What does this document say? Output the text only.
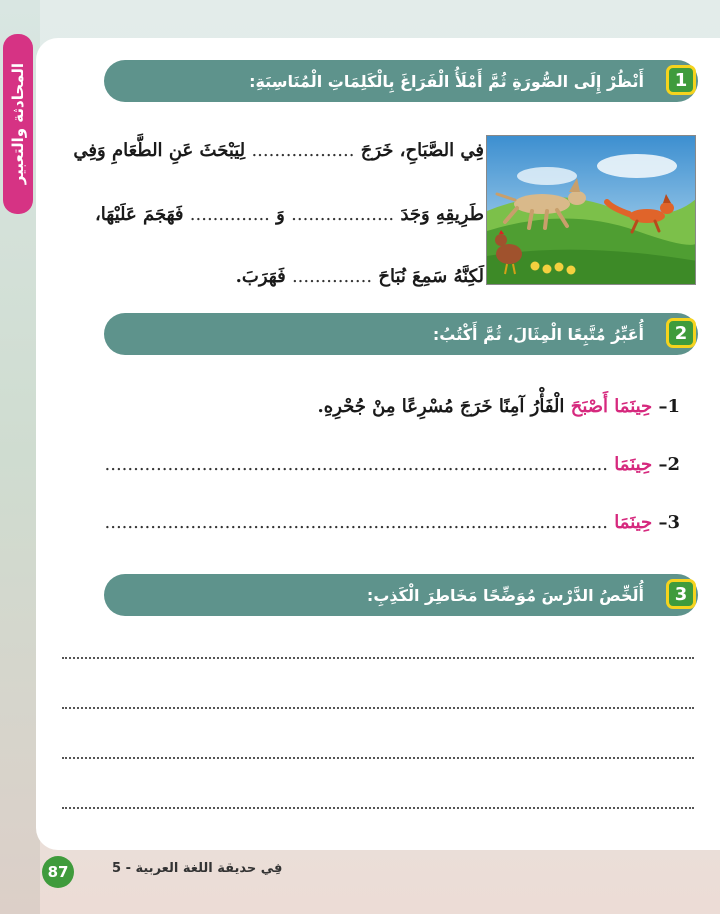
المحادثة والتعبير	1
أَنْظُرْ إِلَى الصُّورَةِ ثُمَّ أَمْلَأُ الْفَرَاغَ بِالْكَلِمَاتِ الْمُنَاسِبَةِ:
فِي الصَّبَاحِ، خَرَجَ .................. لِيَبْحَثَ عَنِ الطَّعَامِ وَفِي
طَرِيقِهِ وَجَدَ .................. وَ .............. فَهَجَمَ عَلَيْهَا،
لَكِنَّهُ سَمِعَ نُبَاحَ .............. فَهَرَبَ.
2
أُعَبِّرُ مُتَّبِعًا الْمِثَالَ، ثُمَّ أَكْتُبُ:
1– حِينَمَا أَصْبَحَ الْفَأْرُ آمِنًا خَرَجَ مُسْرِعًا مِنْ جُحْرِهِ.
2– حِينَمَا ........................................................................................
3– حِينَمَا ........................................................................................
3
أُلَخِّصُ الدَّرْسَ مُوَضِّحًا مَخَاطِرَ الْكَذِبِ:
87	فِي حديقة اللغة العربية - 5
